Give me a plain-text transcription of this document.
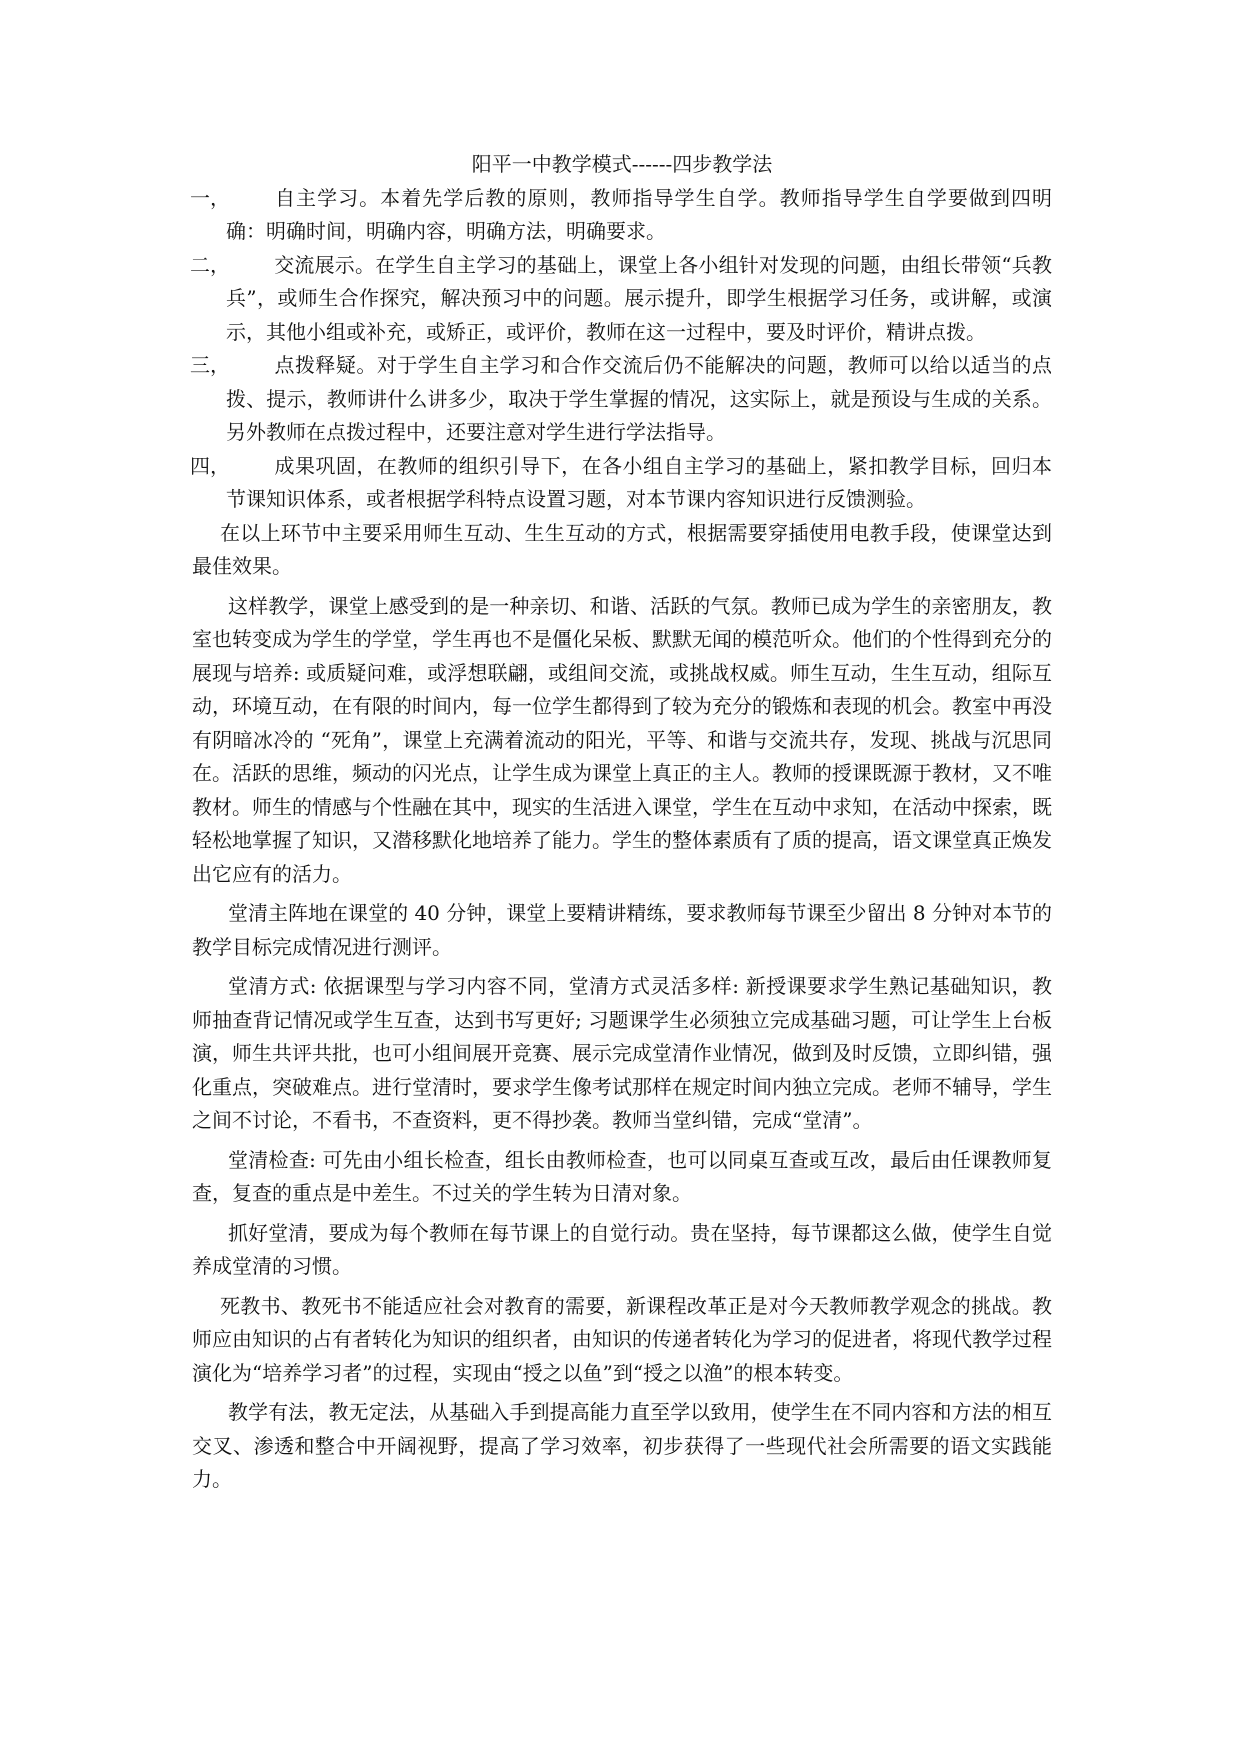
阳平一中教学模式------四步教学法
一，	自主学习。本着先学后教的原则，教师指导学生自学。教师指导学生自学要做到四明确：明确时间，明确内容，明确方法，明确要求。
二，	交流展示。在学生自主学习的基础上，课堂上各小组针对发现的问题，由组长带领“兵教兵”，或师生合作探究，解决预习中的问题。展示提升，即学生根据学习任务，或讲解，或演示，其他小组或补充，或矫正，或评价，教师在这一过程中，要及时评价，精讲点拨。
三，	点拨释疑。对于学生自主学习和合作交流后仍不能解决的问题，教师可以给以适当的点拨、提示，教师讲什么讲多少，取决于学生掌握的情况，这实际上，就是预设与生成的关系。另外教师在点拨过程中，还要注意对学生进行学法指导。
四，	成果巩固，在教师的组织引导下，在各小组自主学习的基础上，紧扣教学目标，回归本节课知识体系，或者根据学科特点设置习题，对本节课内容知识进行反馈测验。

在以上环节中主要采用师生互动、生生互动的方式，根据需要穿插使用电教手段，使课堂达到最佳效果。

这样教学，课堂上感受到的是一种亲切、和谐、活跃的气氛。教师已成为学生的亲密朋友，教室也转变成为学生的学堂，学生再也不是僵化呆板、默默无闻的模范听众。他们的个性得到充分的展现与培养: 或质疑问难，或浮想联翩，或组间交流，或挑战权威。师生互动，生生互动，组际互动，环境互动，在有限的时间内，每一位学生都得到了较为充分的锻炼和表现的机会。教室中再没有阴暗冰冷的 “死角”，课堂上充满着流动的阳光，平等、和谐与交流共存，发现、挑战与沉思同在。活跃的思维，频动的闪光点，让学生成为课堂上真正的主人。教师的授课既源于教材，又不唯教材。师生的情感与个性融在其中，现实的生活进入课堂，学生在互动中求知，在活动中探索，既轻松地掌握了知识，又潜移默化地培养了能力。学生的整体素质有了质的提高，语文课堂真正焕发出它应有的活力。

堂清主阵地在课堂的 40 分钟，课堂上要精讲精练，要求教师每节课至少留出 8 分钟对本节的教学目标完成情况进行测评。

堂清方式: 依据课型与学习内容不同，堂清方式灵活多样: 新授课要求学生熟记基础知识，教师抽查背记情况或学生互查，达到书写更好; 习题课学生必须独立完成基础习题，可让学生上台板演，师生共评共批，也可小组间展开竞赛、展示完成堂清作业情况，做到及时反馈，立即纠错，强化重点，突破难点。进行堂清时，要求学生像考试那样在规定时间内独立完成。老师不辅导，学生之间不讨论，不看书，不查资料，更不得抄袭。教师当堂纠错，完成“堂清”。

堂清检查: 可先由小组长检查，组长由教师检查，也可以同桌互查或互改，最后由任课教师复查，复查的重点是中差生。不过关的学生转为日清对象。

抓好堂清，要成为每个教师在每节课上的自觉行动。贵在坚持，每节课都这么做，使学生自觉养成堂清的习惯。

死教书、教死书不能适应社会对教育的需要，新课程改革正是对今天教师教学观念的挑战。教师应由知识的占有者转化为知识的组织者，由知识的传递者转化为学习的促进者，将现代教学过程演化为“培养学习者”的过程，实现由“授之以鱼”到“授之以渔”的根本转变。

教学有法，教无定法，从基础入手到提高能力直至学以致用，使学生在不同内容和方法的相互交叉、渗透和整合中开阔视野，提高了学习效率，初步获得了一些现代社会所需要的语文实践能力。
